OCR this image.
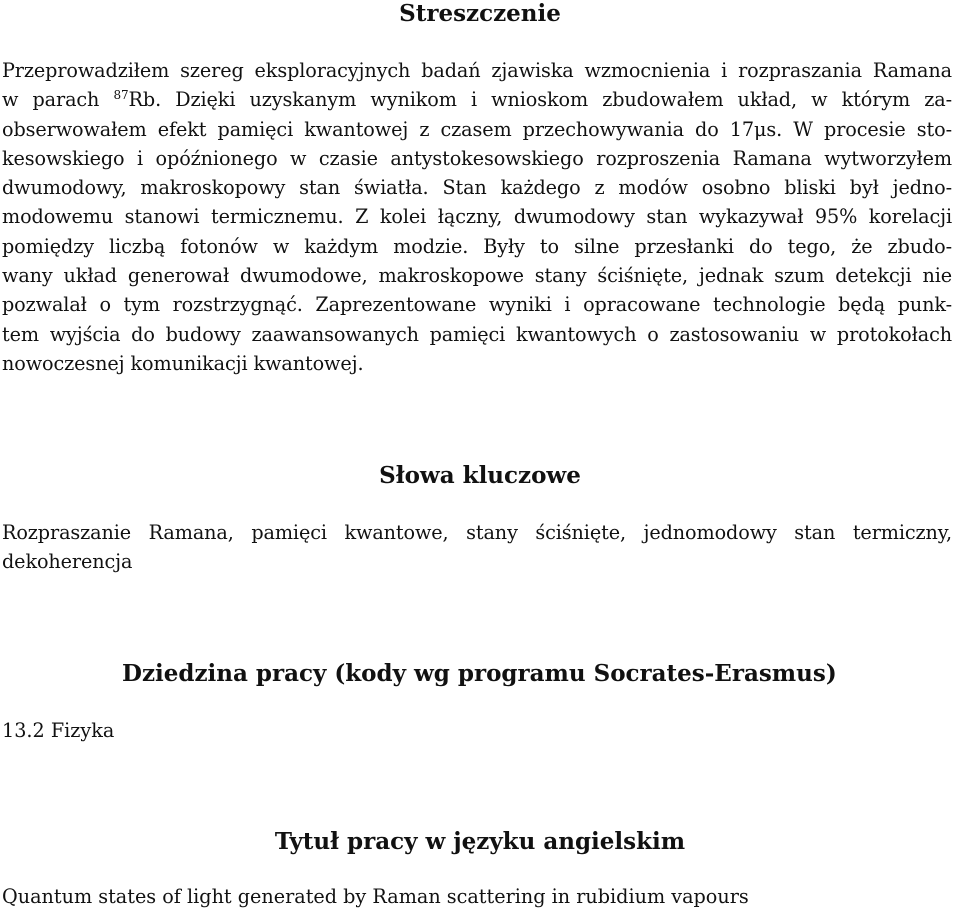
Streszczenie
Przeprowadziłem szereg eksploracyjnych badań zjawiska wzmocnienia i rozpraszania Ramana
w parach $^{87}$Rb. Dzięki uzyskanym wynikom i wnioskom zbudowałem układ, w którym za-
obserwowałem efekt pamięci kwantowej z czasem przechowywania do 17μs. W procesie sto-
kesowskiego i opóźnionego w czasie antystokesowskiego rozproszenia Ramana wytworzyłem
dwumodowy, makroskopowy stan światła. Stan każdego z modów osobno bliski był jedno-
modowemu stanowi termicznemu. Z kolei łączny, dwumodowy stan wykazywał 95% korelacji
pomiędzy liczbą fotonów w każdym modzie. Były to silne przesłanki do tego, że zbudo-
wany układ generował dwumodowe, makroskopowe stany ściśnięte, jednak szum detekcji nie
pozwalał o tym rozstrzygnąć. Zaprezentowane wyniki i opracowane technologie będą punk-
tem wyjścia do budowy zaawansowanych pamięci kwantowych o zastosowaniu w protokołach
nowoczesnej komunikacji kwantowej.
Słowa kluczowe
Rozpraszanie Ramana, pamięci kwantowe, stany ściśnięte, jednomodowy stan termiczny,
dekoherencja
Dziedzina pracy (kody wg programu Socrates-Erasmus)

13.2 Fizyka

Tytuł pracy w języku angielskim

Quantum states of light generated by Raman scattering in rubidium vapours
